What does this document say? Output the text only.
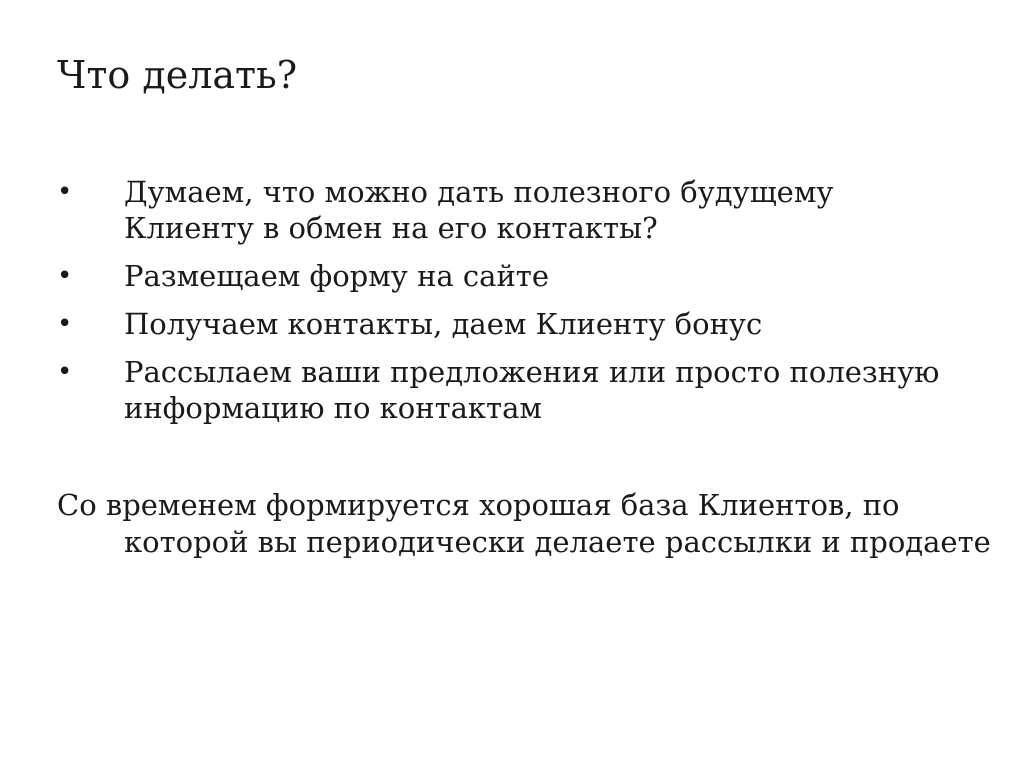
Что делать?
• Думаем, что можно дать полезного будущему Клиенту в обмен на его контакты?
• Размещаем форму на сайте
• Получаем контакты, даем Клиенту бонус
• Рассылаем ваши предложения или просто полезную информацию по контактам

Со временем формируется хорошая база Клиентов, по которой вы периодически делаете рассылки и продаете
